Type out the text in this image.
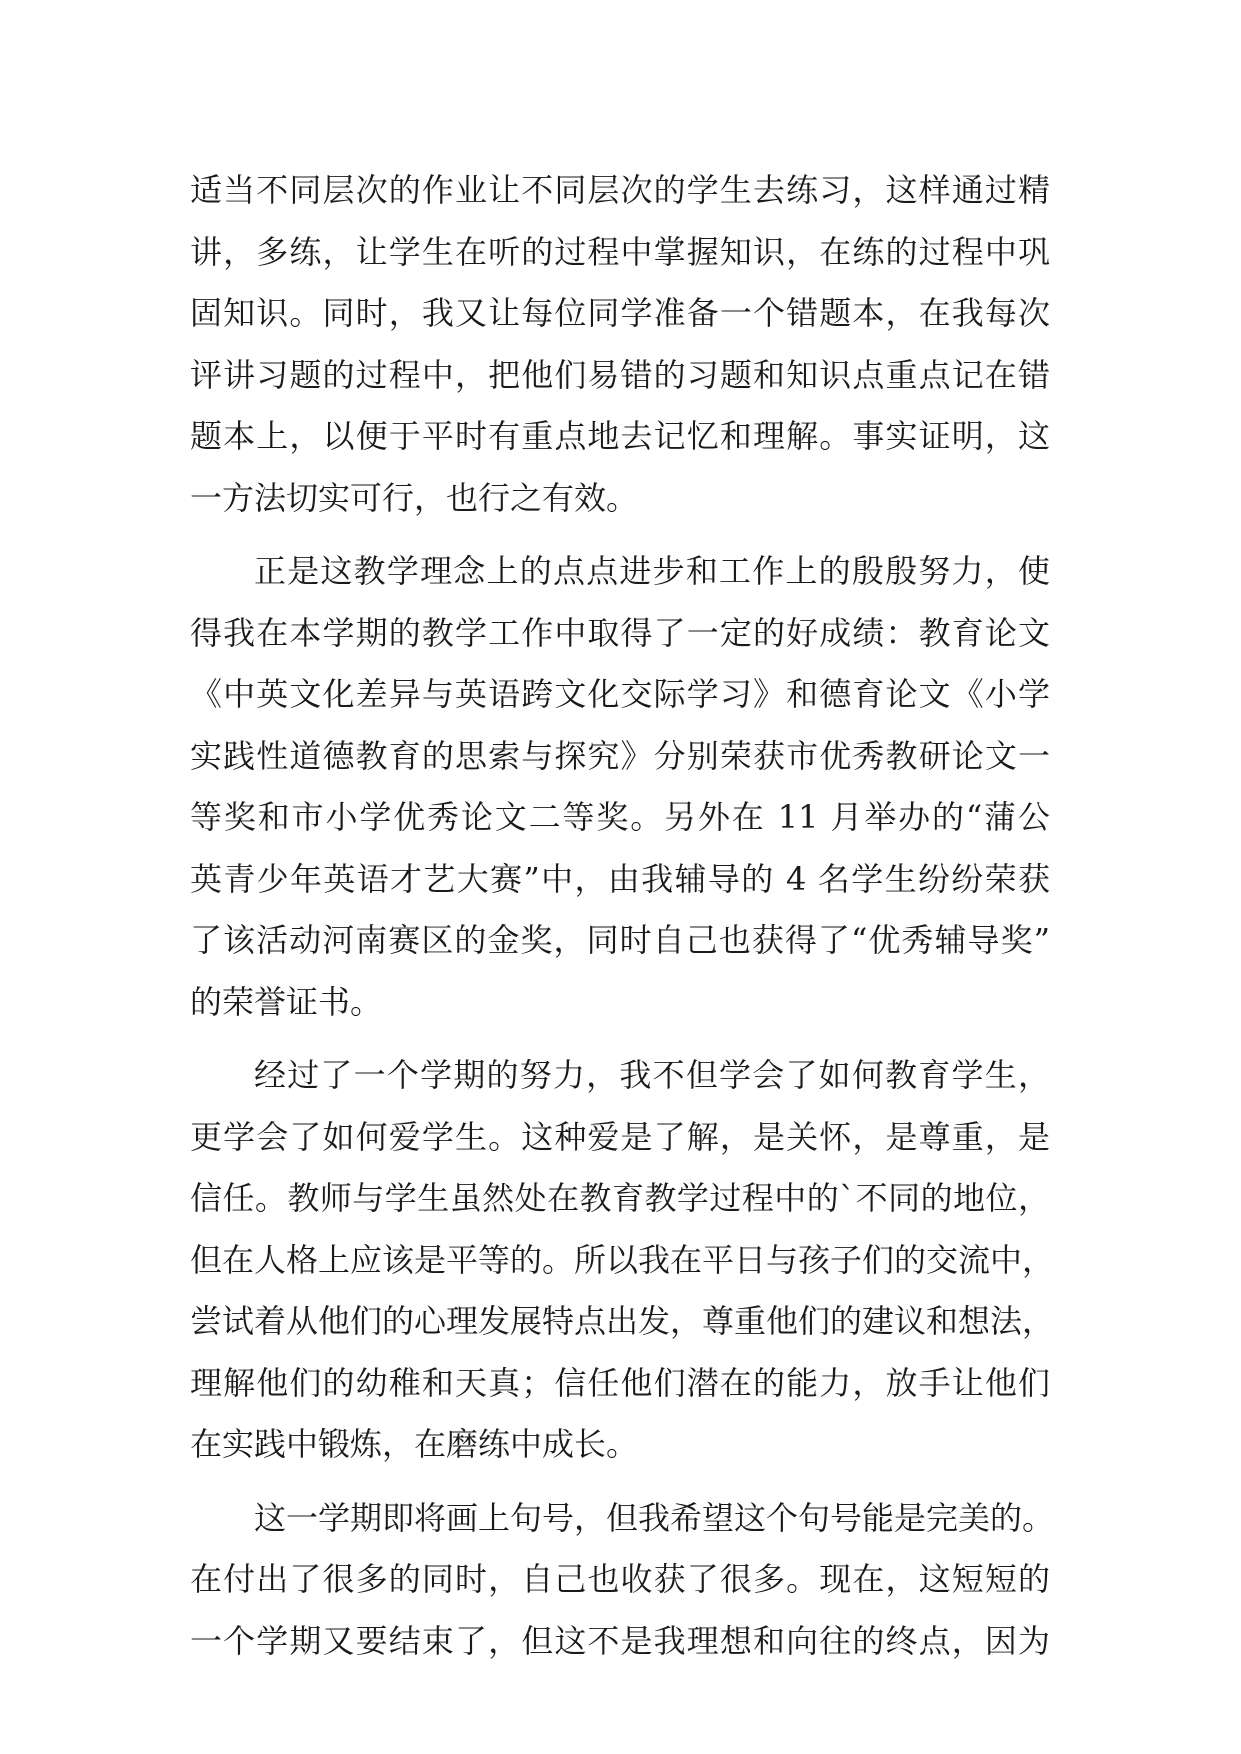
适当不同层次的作业让不同层次的学生去练习，这样通过精
讲，多练，让学生在听的过程中掌握知识，在练的过程中巩
固知识。同时，我又让每位同学准备一个错题本，在我每次
评讲习题的过程中，把他们易错的习题和知识点重点记在错
题本上，以便于平时有重点地去记忆和理解。事实证明，这
一方法切实可行，也行之有效。
正是这教学理念上的点点进步和工作上的殷殷努力，使
得我在本学期的教学工作中取得了一定的好成绩：教育论文
《中英文化差异与英语跨文化交际学习》和德育论文《小学
实践性道德教育的思索与探究》分别荣获市优秀教研论文一
等奖和市小学优秀论文二等奖。另外在 11 月举办的“蒲公
英青少年英语才艺大赛”中，由我辅导的 4 名学生纷纷荣获
了该活动河南赛区的金奖，同时自己也获得了“优秀辅导奖”
的荣誉证书。
经过了一个学期的努力，我不但学会了如何教育学生，
更学会了如何爱学生。这种爱是了解，是关怀，是尊重，是
信任。教师与学生虽然处在教育教学过程中的`不同的地位，
但在人格上应该是平等的。所以我在平日与孩子们的交流中，
尝试着从他们的心理发展特点出发，尊重他们的建议和想法，
理解他们的幼稚和天真；信任他们潜在的能力，放手让他们
在实践中锻炼，在磨练中成长。
这一学期即将画上句号，但我希望这个句号能是完美的。
在付出了很多的同时，自己也收获了很多。现在，这短短的
一个学期又要结束了，但这不是我理想和向往的终点，因为
